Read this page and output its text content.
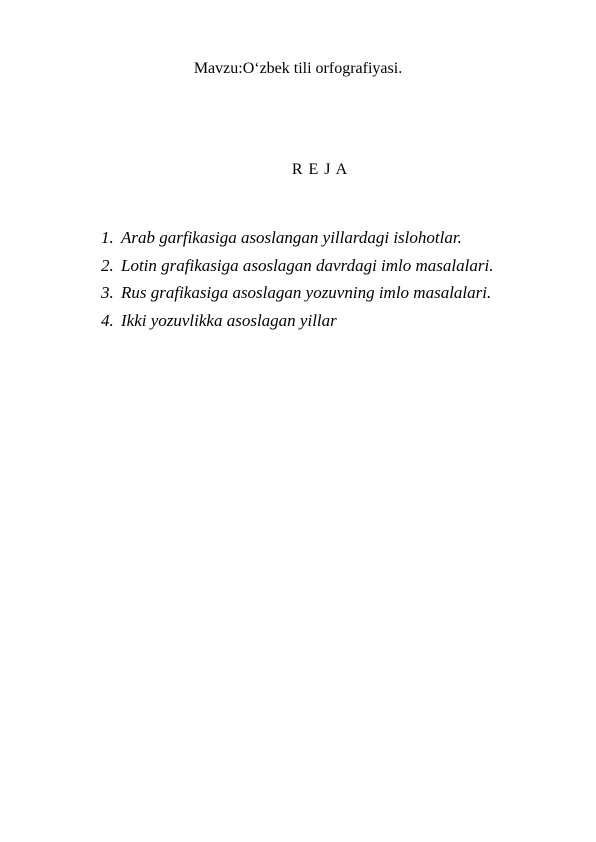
Mavzu:O‘zbek tili orfografiyasi.
R E J A
1. Arab garfikasiga asoslangan yillardagi islohotlar.
2. Lotin grafikasiga asoslagan davrdagi imlo masalalari.
3. Rus grafikasiga asoslagan yozuvning imlo masalalari.
4. Ikki yozuvlikka asoslagan yillar
